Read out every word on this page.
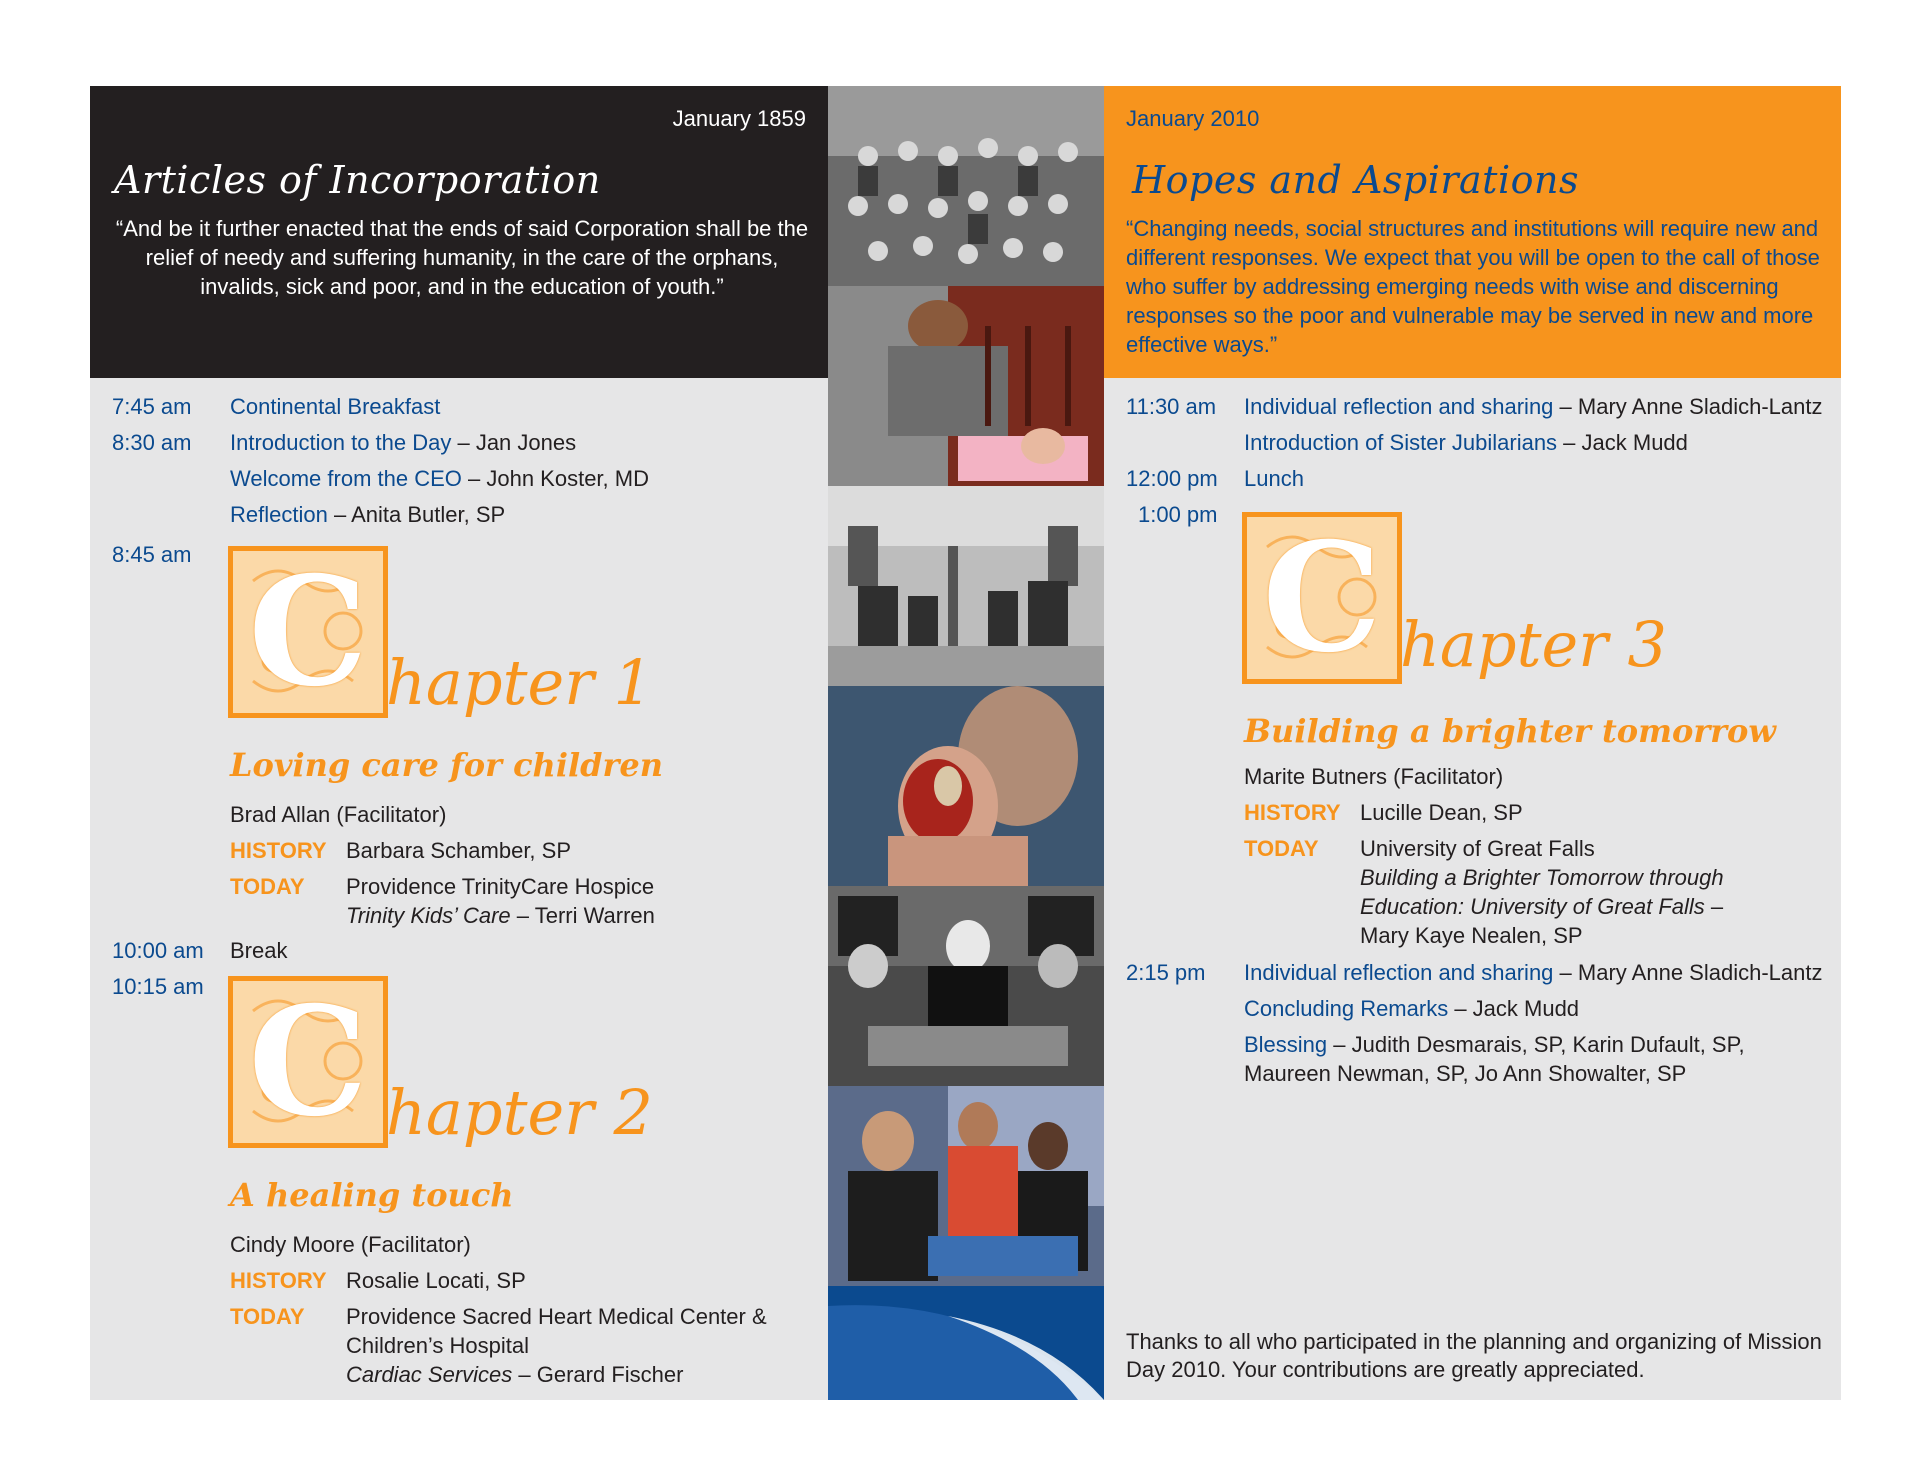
January 1859
Articles of Incorporation
“And be it further enacted that the ends of said Corporation shall be the relief of needy and suffering humanity, in the care of the orphans, invalids, sick and poor, and in the education of youth.”
7:45 am Continental Breakfast
8:30 am Introduction to the Day – Jan Jones
Welcome from the CEO – John Koster, MD
Reflection – Anita Butler, SP
8:45 am C hapter 1
Loving care for children
Brad Allan (Facilitator)
HISTORY Barbara Schamber, SP
TODAY Providence TrinityCare Hospice
Trinity Kids’ Care – Terri Warren
10:00 am Break
10:15 am C hapter 2
A healing touch
Cindy Moore (Facilitator)
HISTORY Rosalie Locati, SP
TODAY Providence Sacred Heart Medical Center &
Children’s Hospital
Cardiac Services – Gerard Fischer
January 2010
Hopes and Aspirations
“Changing needs, social structures and institutions will require new and different responses. We expect that you will be open to the call of those who suffer by addressing emerging needs with wise and discerning responses so the poor and vulnerable may be served in new and more effective ways.”
11:30 am Individual reflection and sharing – Mary Anne Sladich-Lantz
Introduction of Sister Jubilarians – Jack Mudd
12:00 pm Lunch
1:00 pm C hapter 3
Building a brighter tomorrow
Marite Butners (Facilitator)
HISTORY Lucille Dean, SP
TODAY University of Great Falls
Building a Brighter Tomorrow through
Education: University of Great Falls –
Mary Kaye Nealen, SP
2:15 pm Individual reflection and sharing – Mary Anne Sladich-Lantz
Concluding Remarks – Jack Mudd
Blessing – Judith Desmarais, SP, Karin Dufault, SP,
Maureen Newman, SP, Jo Ann Showalter, SP
Thanks to all who participated in the planning and organizing of Mission Day 2010. Your contributions are greatly appreciated.
